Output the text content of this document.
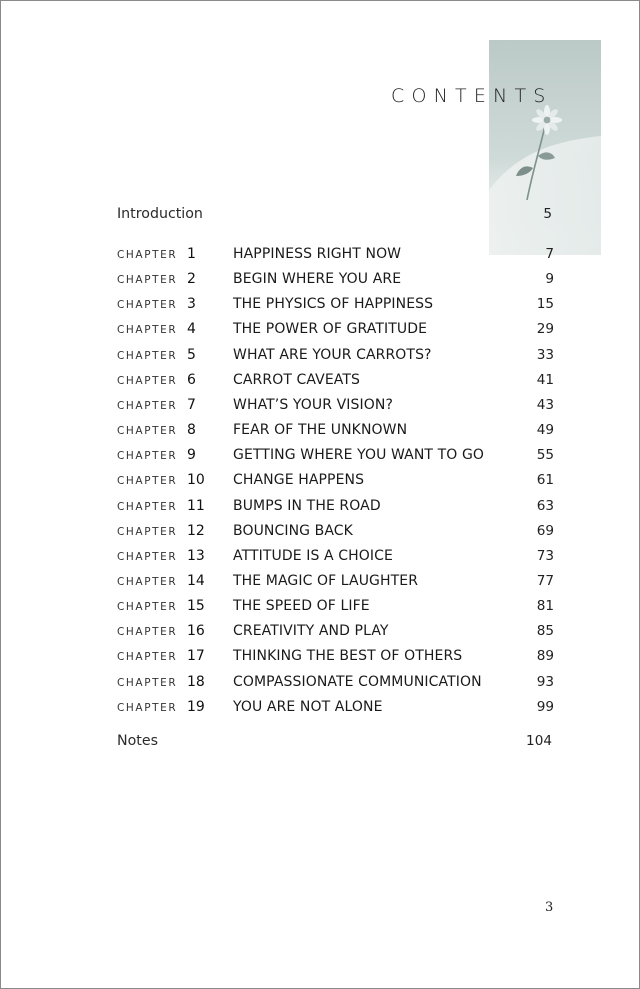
CONTENTS
Introduction	5
CHAPTER 1	HAPPINESS RIGHT NOW	7
CHAPTER 2	BEGIN WHERE YOU ARE	9
CHAPTER 3	THE PHYSICS OF HAPPINESS	15
CHAPTER 4	THE POWER OF GRATITUDE	29
CHAPTER 5	WHAT ARE YOUR CARROTS?	33
CHAPTER 6	CARROT CAVEATS	41
CHAPTER 7	WHAT’S YOUR VISION?	43
CHAPTER 8	FEAR OF THE UNKNOWN	49
CHAPTER 9	GETTING WHERE YOU WANT TO GO	55
CHAPTER 10 CHANGE HAPPENS	61
CHAPTER 11 BUMPS IN THE ROAD	63
CHAPTER 12 BOUNCING BACK	69
CHAPTER 13 ATTITUDE IS A CHOICE	73
CHAPTER 14 THE MAGIC OF LAUGHTER	77
CHAPTER 15 THE SPEED OF LIFE	81
CHAPTER 16 CREATIVITY AND PLAY	85
CHAPTER 17 THINKING THE BEST OF OTHERS	89
CHAPTER 18 COMPASSIONATE COMMUNICATION	93
CHAPTER 19 YOU ARE NOT ALONE	99
Notes	104
3
